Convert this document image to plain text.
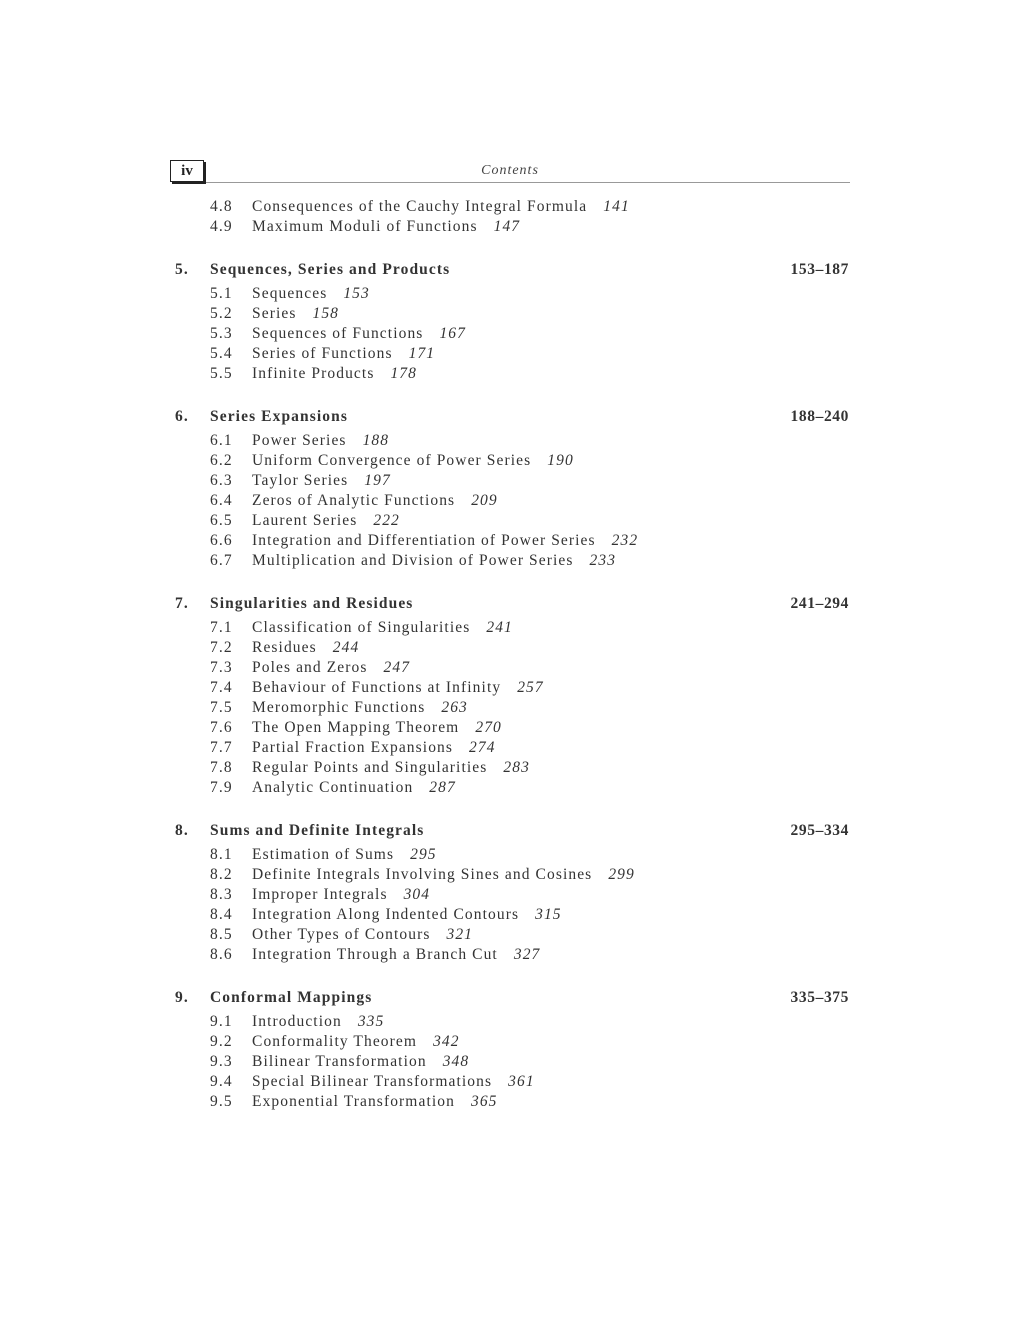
iv	Contents
4.8 Consequences of the Cauchy Integral Formula 141
4.9 Maximum Moduli of Functions 147
5. Sequences, Series and Products	153–187
5.1 Sequences 153
5.2 Series 158
5.3 Sequences of Functions 167
5.4 Series of Functions 171
5.5 Infinite Products 178
6. Series Expansions	188–240
6.1 Power Series 188
6.2 Uniform Convergence of Power Series 190
6.3 Taylor Series 197
6.4 Zeros of Analytic Functions 209
6.5 Laurent Series 222
6.6 Integration and Differentiation of Power Series 232
6.7 Multiplication and Division of Power Series 233
7. Singularities and Residues	241–294
7.1 Classification of Singularities 241
7.2 Residues 244
7.3 Poles and Zeros 247
7.4 Behaviour of Functions at Infinity 257
7.5 Meromorphic Functions 263
7.6 The Open Mapping Theorem 270
7.7 Partial Fraction Expansions 274
7.8 Regular Points and Singularities 283
7.9 Analytic Continuation 287
8. Sums and Definite Integrals	295–334
8.1 Estimation of Sums 295
8.2 Definite Integrals Involving Sines and Cosines 299
8.3 Improper Integrals 304
8.4 Integration Along Indented Contours 315
8.5 Other Types of Contours 321
8.6 Integration Through a Branch Cut 327
9. Conformal Mappings	335–375
9.1 Introduction 335
9.2 Conformality Theorem 342
9.3 Bilinear Transformation 348
9.4 Special Bilinear Transformations 361
9.5 Exponential Transformation 365
